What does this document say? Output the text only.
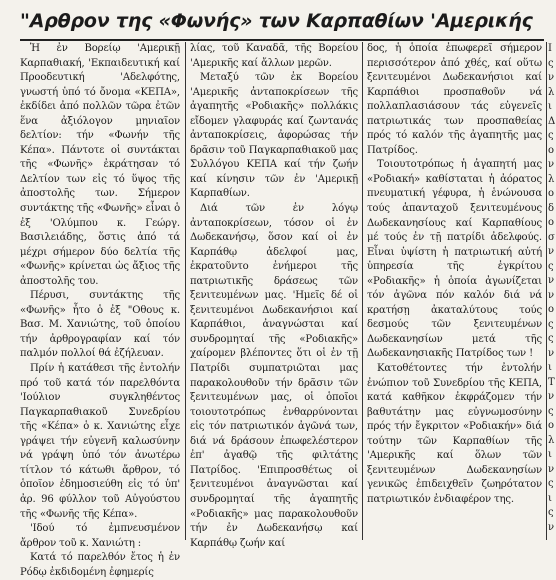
"Αρθρον της «Φωνής» των Καρπαθίων 'Αμερικής

Ἡ ἐν Βορείῳ 'Αμερικῇ Καρπαθιακή, 'Εκπαιδευτική καί Προοδευτική 'Αδελφότης, γνωστή ὑπό τό ὄνομα «ΚΕΠΑ», ἐκδίδει ἀπό πολλῶν τῶρα ἐτῶν ἕνα ἀξιόλογον μηνιαῖον δελτίον: τήν «Φωνήν τῆς Κέπα». Πάντοτε οἱ συντάκται τῆς «Φωνῆς» ἐκράτησαν τό Δελτίον των εἰς τό ὕψος τῆς ἀποστολῆς των. Σήμερον συντάκτης τῆς «Φωνῆς» εἶναι ὁ ἐξ 'Ολύμπου κ. Γεώργ. Βασιλειάδης, ὅστις ἀπό τά μέχρι σήμερον δύο δελτία τῆς «Φωνῆς» κρίνεται ὡς ἄξιος τῆς ἀποστολῆς του.

Πέρυσι, συντάκτης τῆς «Φωνῆς» ἦτο ὁ ἐξ "Οθους κ. Βασ. Μ. Χανιώτης, τοῦ ὁποίου τήν ἀρθρογραφίαν καί τόν παλμόν πολλοί θά ἐζήλευαν.

Πρίν ἡ κατάθεσι τῆς ἐντολήν πρό τοῦ κατά τόν παρελθόντα 'Ιούλιον συγκληθέντος Παγκαρπαθιακοῦ Συνεδρίου τῆς «Κέπα» ὁ κ. Χανιώτης εἶχε γράψει τήν εὐγενῆ καλωσύνην νά γράψη ὑπό τόν ἀνωτέρω τίτλον τό κάτωθι ἄρθρον, τό ὁποῖον ἐδημοσιεύθη εἰς τό ὑπ' ἀρ. 96 φύλλον τοῦ Αὐγούστου τῆς «Φωνῆς τῆς Κέπα».

'Ιδού τό ἐμπνευσμένον ἄρθρον τοῦ κ. Χανιώτη :

Κατά τό παρελθόν ἔτος ἡ ἐν Ρόδῳ ἐκδιδομένη ἐφημερίς

λίας, τοῦ Καναδᾶ, τῆς Βορείου 'Αμερικῆς καί ἄλλων μερῶν.

Μεταξύ τῶν ἐκ Βορείου 'Αμερικῆς ἀνταποκρίσεων τῆς ἀγαπητῆς «Ροδιακῆς» πολλάκις εἴδομεν γλαφυράς καί ζωντανάς ἀνταποκρίσεις, ἀφορώσας τήν δρᾶσιν τοῦ Παγκαρπαθιακοῦ μας Συλλόγου ΚΕΠΑ καί τήν ζωήν καί κίνησιν τῶν ἐν 'Αμερικῇ Καρπαθίων.

Διά τῶν ἐν λόγῳ ἀνταποκρίσεων, τόσον οἱ ἐν Δωδεκανήσῳ, ὅσον καί οἱ ἐν Καρπάθῳ ἀδελφοί μας, ἐκρατοῦντο ἐνήμεροι τῆς πατριωτικῆς δράσεως τῶν ξενιτευμένων μας. 'Ημεῖς δέ οἱ ξενιτευμένοι Δωδεκανήσιοι καί Καρπάθιοι, ἀναγνώσται καί συνδρομηταί τῆς «Ροδιακῆς» χαίρομεν βλέποντες ὅτι οἱ ἐν τῇ Πατρίδι συμπατριῶται μας παρακολουθοῦν τήν δρᾶσιν τῶν ξενιτευμένων μας, οἱ ὁποῖοι τοιουτοτρόπως ἐνθαρρύνονται εἰς τόν πατριωτικόν ἀγῶνά των, διά νά δράσουν ἐπωφελέστερον ἐπ' ἀγαθῷ τῆς φιλτάτης Πατρίδος. 'Επιπροσθέτως οἱ ξενιτευμένοι ἀναγνῶσται καί συνδρομηταί τῆς ἀγαπητῆς «Ροδιακῆς» μας παρακολουθοῦν τήν ἐν Δωδεκανήσῳ καί Καρπάθῳ ζωήν καί

δος, ἡ ὁποία ἐπωφερεῖ σήμερον περισσότερον ἀπό χθές, καί οὕτω ξενιτευμένοι Δωδεκανήσιοι καί Καρπάθιοι προσπαθοῦν νά πολλαπλασιάσουν τάς εὐγενεῖς πατριωτικάς των προσπαθείας πρός τό καλόν τῆς ἀγαπητῆς μας Πατρίδος.

Τοιουτοτρόπως ἡ ἀγαπητή μας «Ροδιακή» καθίσταται ἡ ἀόρατος πνευματική γέφυρα, ἡ ἑνώνουσα τούς ἁπανταχοῦ ξενιτευμένους Δωδεκανησίους καί Καρπαθίους μέ τούς ἐν τῇ πατρίδι ἀδελφούς. Εἶναι ὑψίστη ἡ πατριωτική αὐτή ὑπηρεσία τῆς ἐγκρίτου «Ροδιακῆς» ἡ ὁποία ἀγωνίζεται τόν ἀγῶνα πόν καλόν διά νά κρατήσῃ ἀκαταλύτους τούς δεσμούς τῶν ξενιτευμένων Δωδεκανησίων μετά τῆς Δωδεκανησιακῆς Πατρίδος των !

Κατοθέτοντες τήν ἐντολήν ἐνώπιον τοῦ Συνεδρίου τῆς ΚΕΠΑ, κατά καθῆκον ἐκφράζομεν τήν βαθυτάτην μας εὐγνωμοσύνην πρός τήν ἔγκριτον «Ροδιακήν» διά τούτην τῶν Καρπαθίων τῆς 'Αμερικῆς καί ὅλων τῶν ξενιτευμένων Δωδεκανησίων γενικῶς ἐπιδειχθεῖν ζωηρότατον πατριωτικόν ἐνδιαφέρον της.

Ι
ς
ν
λ
ι
Δ
ς
ο
ν
λ
ο
δ
ο
σ
ν
ς
ν
ν
ο
ς
ς
ν
ι
Τ
ν
ς
ο
λ
ι
ν
ς
ι
ς
ν
